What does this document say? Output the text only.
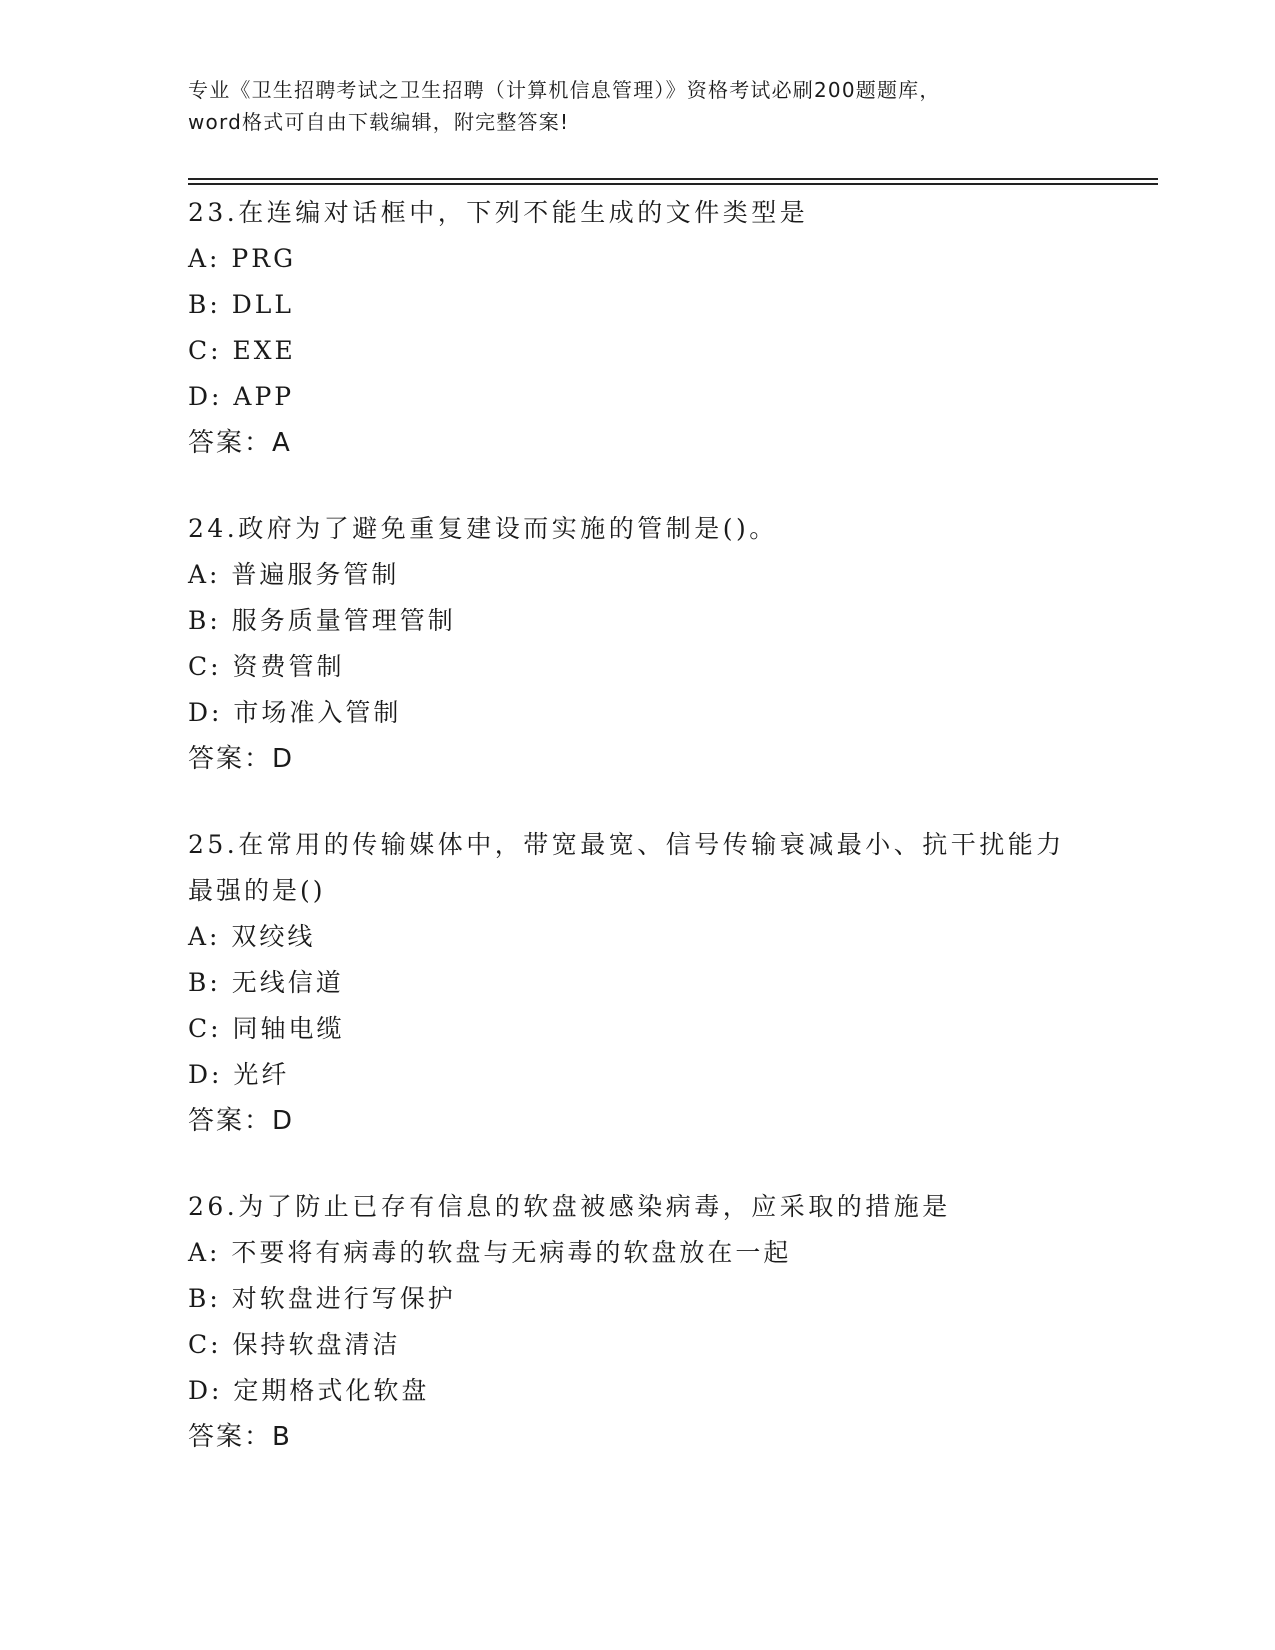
专业《卫生招聘考试之卫生招聘（计算机信息管理）》资格考试必刷200题题库，
word格式可自由下载编辑，附完整答案!
23.在连编对话框中，下列不能生成的文件类型是
A: PRG
B: DLL
C: EXE
D: APP
答案：A
24.政府为了避免重复建设而实施的管制是()。
A: 普遍服务管制
B: 服务质量管理管制
C: 资费管制
D: 市场准入管制
答案：D
25.在常用的传输媒体中，带宽最宽、信号传输衰减最小、抗干扰能力
最强的是()
A: 双绞线
B: 无线信道
C: 同轴电缆
D: 光纤
答案：D
26.为了防止已存有信息的软盘被感染病毒，应采取的措施是
A: 不要将有病毒的软盘与无病毒的软盘放在一起
B: 对软盘进行写保护
C: 保持软盘清洁
D: 定期格式化软盘
答案：B
